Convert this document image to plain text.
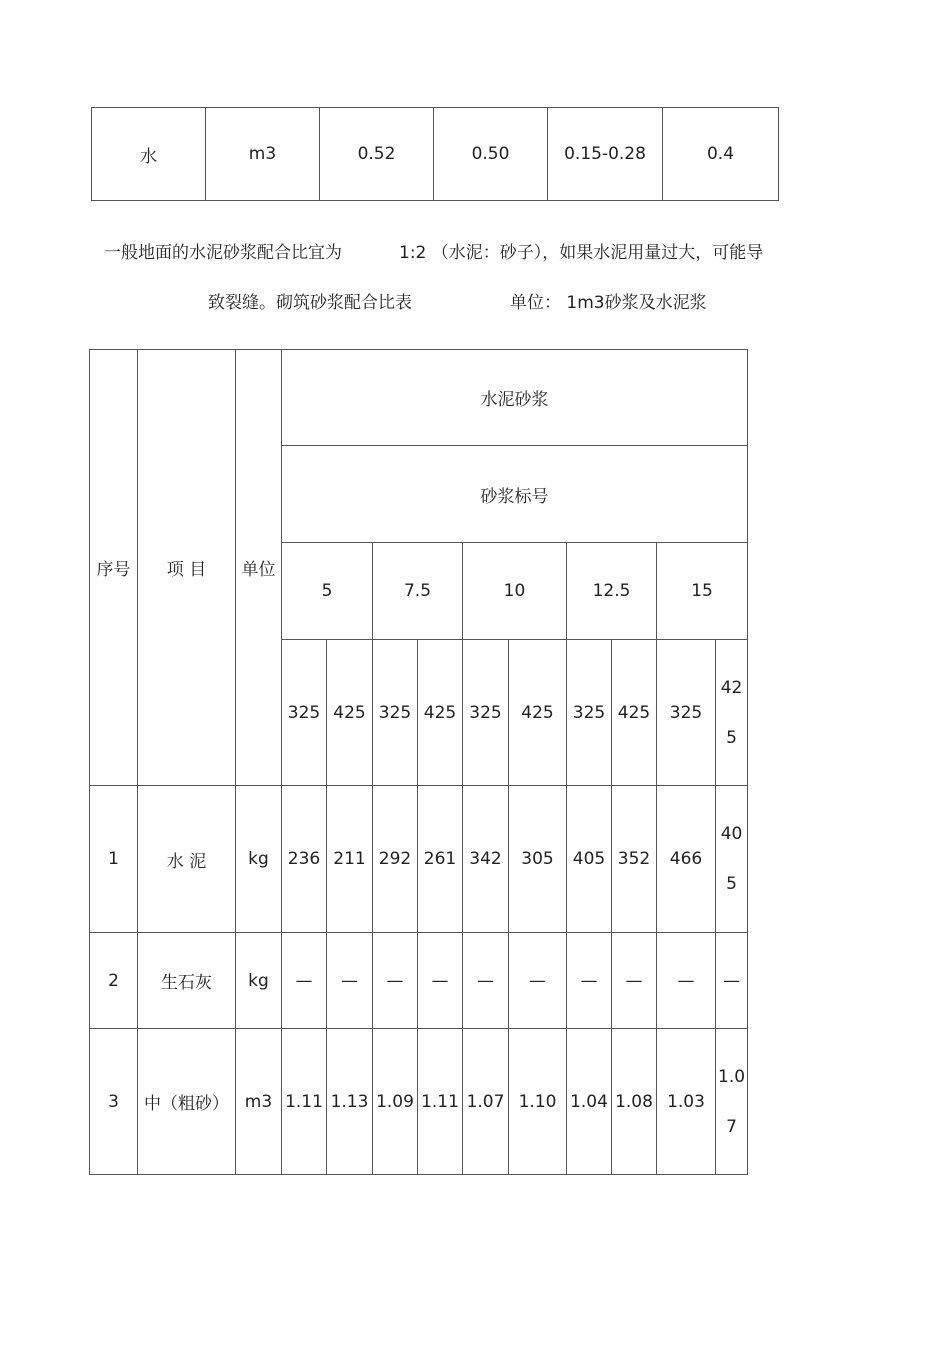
水	m3	0.52	0.50	0.15-0.28	0.4
一般地面的水泥砂浆配合比宜为	1:2 （水泥：砂子），如果水泥用量过大，可能导
致裂缝。砌筑砂浆配合比表	单位： 1m3砂浆及水泥浆
序号	项 目	单位	水泥砂浆									
			砂浆标号									
			5		7.5		10		12.5		15	
			325	425	325	425	325	425	325	425	325	425
1	水 泥	kg	236	211	292	261	342	305	405	352	466	405
2	生石灰	kg	—	—	—	—	—	—	—	—	—	—
3	中（粗砂）	m3	1.11	1.13	1.09	1.11	1.07	1.10	1.04	1.08	1.03	1.07
